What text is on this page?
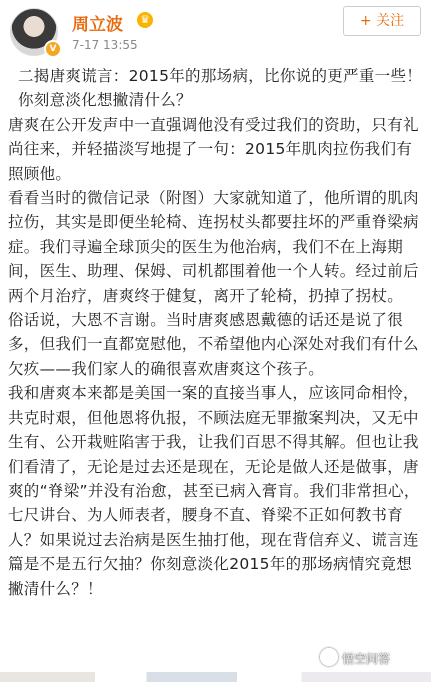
V
周立波 ♛
7-17 13:55
+ 关注

二揭唐爽谎言：2015年的那场病，比你说的更严重一些！你刻意淡化想撇清什么？

唐爽在公开发声中一直强调他没有受过我们的资助，只有礼尚往来，并轻描淡写地提了一句：2015年肌肉拉伤我们有照顾他。

看看当时的微信记录（附图）大家就知道了，他所谓的肌肉拉伤，其实是即便坐轮椅、连拐杖头都要拄坏的严重脊梁病症。我们寻遍全球顶尖的医生为他治病，我们不在上海期间，医生、助理、保姆、司机都围着他一个人转。经过前后两个月治疗，唐爽终于健复，离开了轮椅，扔掉了拐杖。

俗话说，大恩不言谢。当时唐爽感恩戴德的话还是说了很多，但我们一直都宽慰他，不希望他内心深处对我们有什么欠疚——我们家人的确很喜欢唐爽这个孩子。

我和唐爽本来都是美国一案的直接当事人，应该同命相怜，共克时艰，但他恩将仇报，不顾法庭无罪撤案判决，又无中生有、公开栽赃陷害于我，让我们百思不得其解。但也让我们看清了，无论是过去还是现在，无论是做人还是做事，唐爽的“脊梁”并没有治愈，甚至已病入膏肓。我们非常担心，七尺讲台、为人师表者，腰身不直、脊梁不正如何教书育人？如果说过去治病是医生抽打他，现在背信弃义、谎言连篇是不是五行欠抽？你刻意淡化2015年的那场病情究竟想撇清什么？！

悟空问答
